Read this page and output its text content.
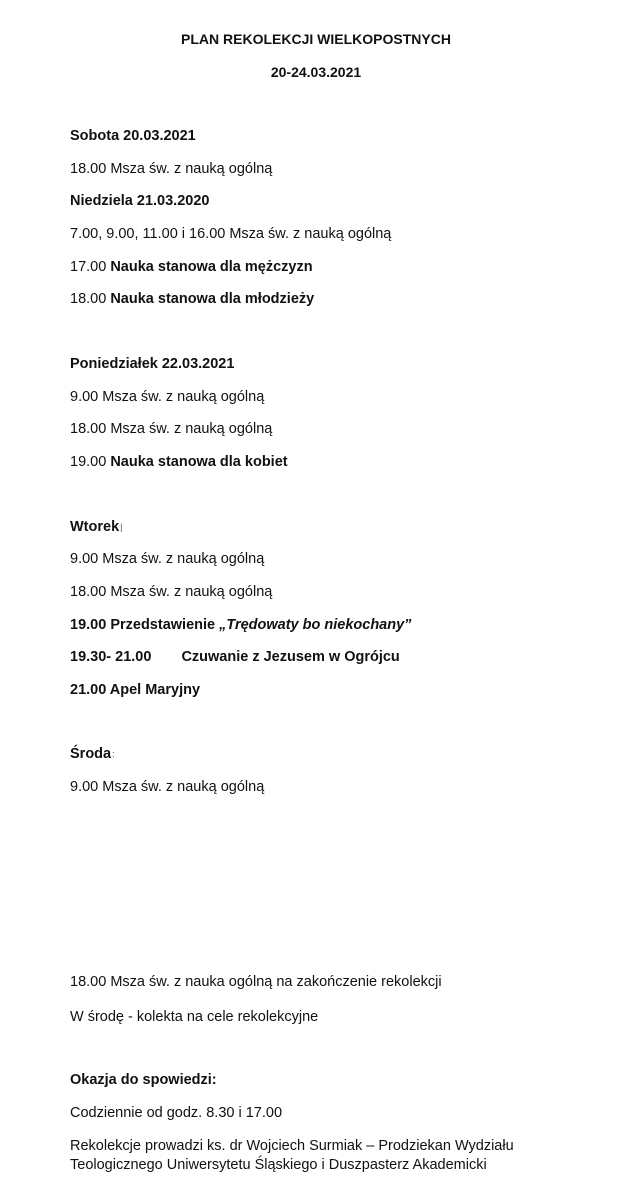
PLAN REKOLEKCJI WIELKOPOSTNYCH
20-24.03.2021
Sobota 20.03.2021
18.00 Msza św. z nauką ogólną
Niedziela 21.03.2020
7.00, 9.00, 11.00 i 16.00 Msza św. z nauką ogólną
17.00 Nauka stanowa dla mężczyzn
18.00 Nauka stanowa dla młodzieży
Poniedziałek 22.03.2021
9.00 Msza św. z nauką ogólną
18.00 Msza św. z nauką ogólną
19.00 Nauka stanowa dla kobiet
Wtorek|
9.00 Msza św. z nauką ogólną
18.00 Msza św. z nauką ogólną
19.00 Przedstawienie „Trędowaty bo niekochany”
19.30- 21.00 Czuwanie z Jezusem w Ogrójcu
21.00 Apel Maryjny
Środa:
9.00 Msza św. z nauką ogólną
18.00 Msza św. z nauka ogólną na zakończenie rekolekcji
W środę - kolekta na cele rekolekcyjne
Okazja do spowiedzi:
Codziennie od godz. 8.30 i 17.00
Rekolekcje prowadzi ks. dr Wojciech Surmiak – Prodziekan Wydziału
Teologicznego Uniwersytetu Śląskiego i Duszpasterz Akademicki
